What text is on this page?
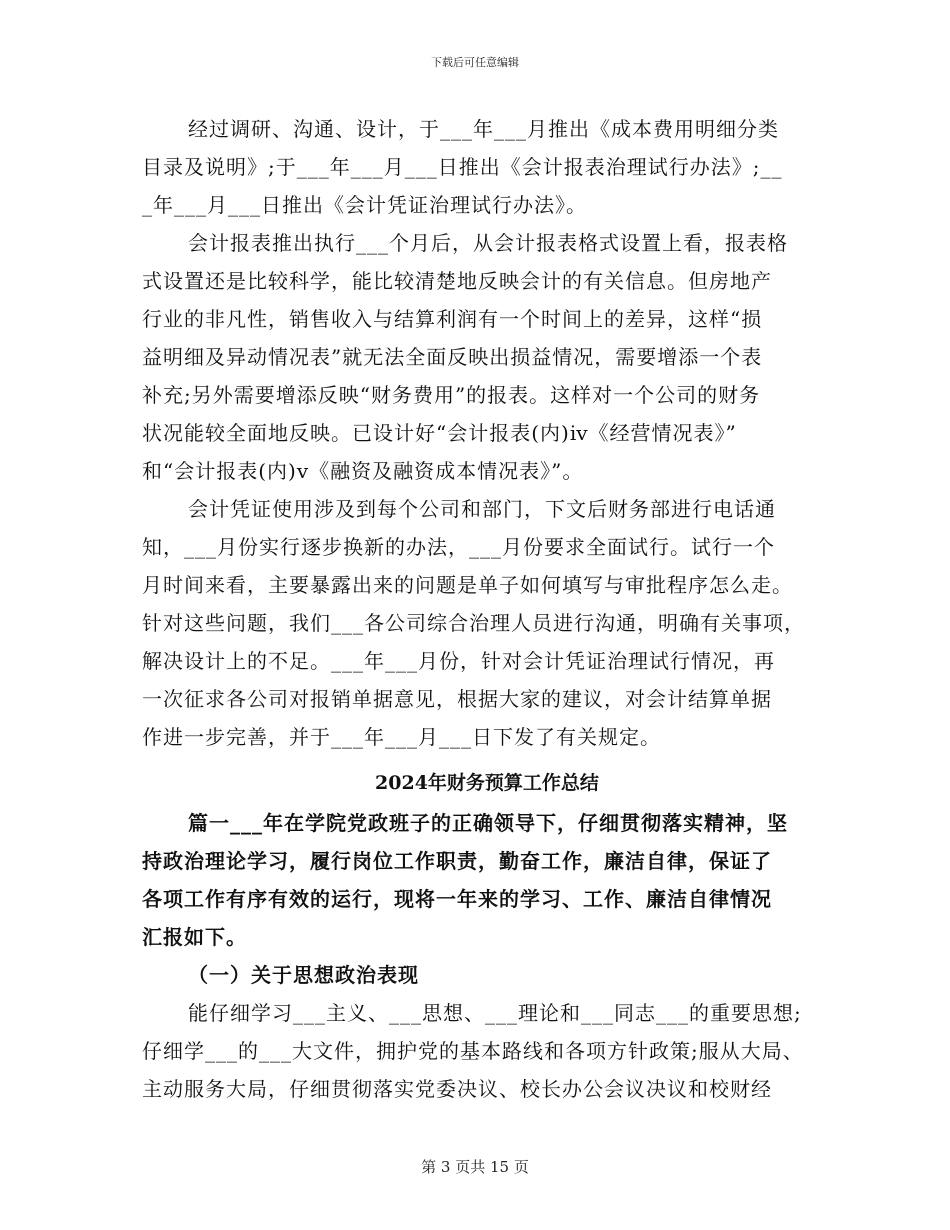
下载后可任意编辑
经过调研、沟通、设计，于___年___月推出《成本费用明细分类
目录及说明》;于___年___月___日推出《会计报表治理试行办法》;__
_年___月___日推出《会计凭证治理试行办法》。
会计报表推出执行___个月后，从会计报表格式设置上看，报表格
式设置还是比较科学，能比较清楚地反映会计的有关信息。但房地产
行业的非凡性，销售收入与结算利润有一个时间上的差异，这样“损
益明细及异动情况表”就无法全面反映出损益情况，需要增添一个表
补充;另外需要增添反映“财务费用”的报表。这样对一个公司的财务
状况能较全面地反映。已设计好“会计报表(内)ⅳ《经营情况表》”
和“会计报表(内)ⅴ《融资及融资成本情况表》”。
会计凭证使用涉及到每个公司和部门，下文后财务部进行电话通
知，___月份实行逐步换新的办法，___月份要求全面试行。试行一个
月时间来看，主要暴露出来的问题是单子如何填写与审批程序怎么走。
针对这些问题，我们___各公司综合治理人员进行沟通，明确有关事项，
解决设计上的不足。___年___月份，针对会计凭证治理试行情况，再
一次征求各公司对报销单据意见，根据大家的建议，对会计结算单据
作进一步完善，并于___年___月___日下发了有关规定。
2024年财务预算工作总结
篇一___年在学院党政班子的正确领导下，仔细贯彻落实精神，坚
持政治理论学习，履行岗位工作职责，勤奋工作，廉洁自律，保证了
各项工作有序有效的运行，现将一年来的学习、工作、廉洁自律情况
汇报如下。
（一）关于思想政治表现
能仔细学习___主义、___思想、___理论和___同志___的重要思想;
仔细学___的___大文件，拥护党的基本路线和各项方针政策;服从大局、
主动服务大局，仔细贯彻落实党委决议、校长办公会议决议和校财经
第 3 页共 15 页
